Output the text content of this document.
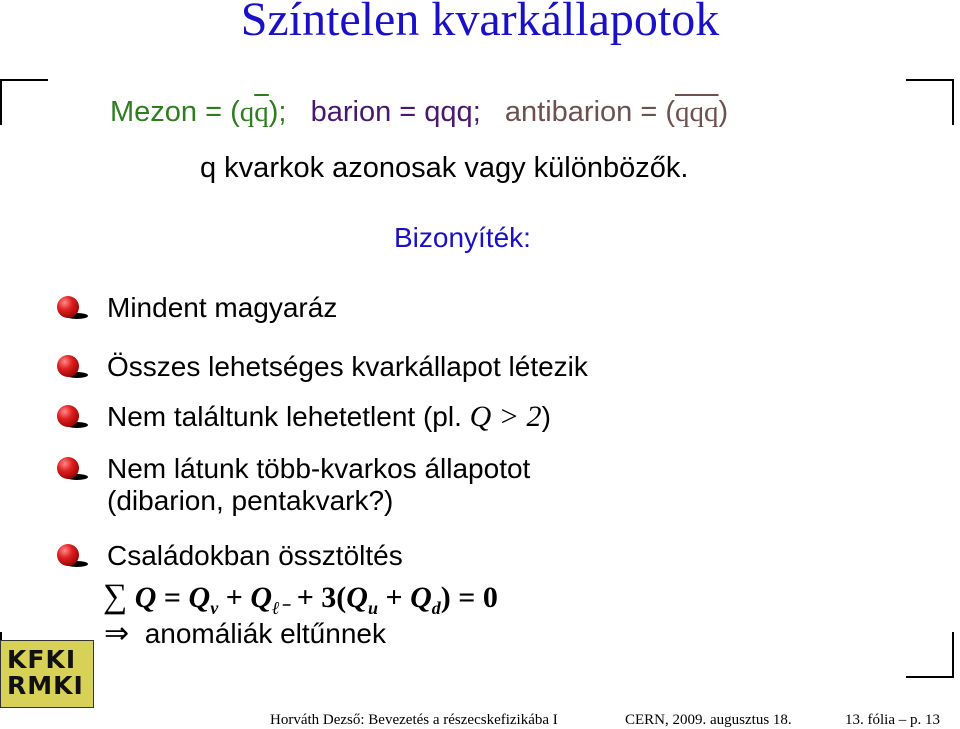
Színtelen kvarkállapotok
Mezon = $(q\overline{q})$; barion = qqq; antibarion = $(\overline{qqq})$
q kvarkok azonosak vagy különbözők.
Bizonyíték:
Mindent magyaráz
Összes lehetséges kvarkállapot létezik
Nem találtunk lehetetlent (pl. Q > 2)
Nem látunk több-kvarkos állapotot
(dibarion, pentakvark?)
Családokban össztöltés
∑ $Q = Q_\nu + Q_{\ell^-} + 3(Q_u + Q_d) = 0$
⇒ anomáliák eltűnnek
KFKI
RMKI
Horváth Dezső: Bevezetés a részecskefizikába I	CERN, 2009. augusztus 18.	13. fólia – p. 13
